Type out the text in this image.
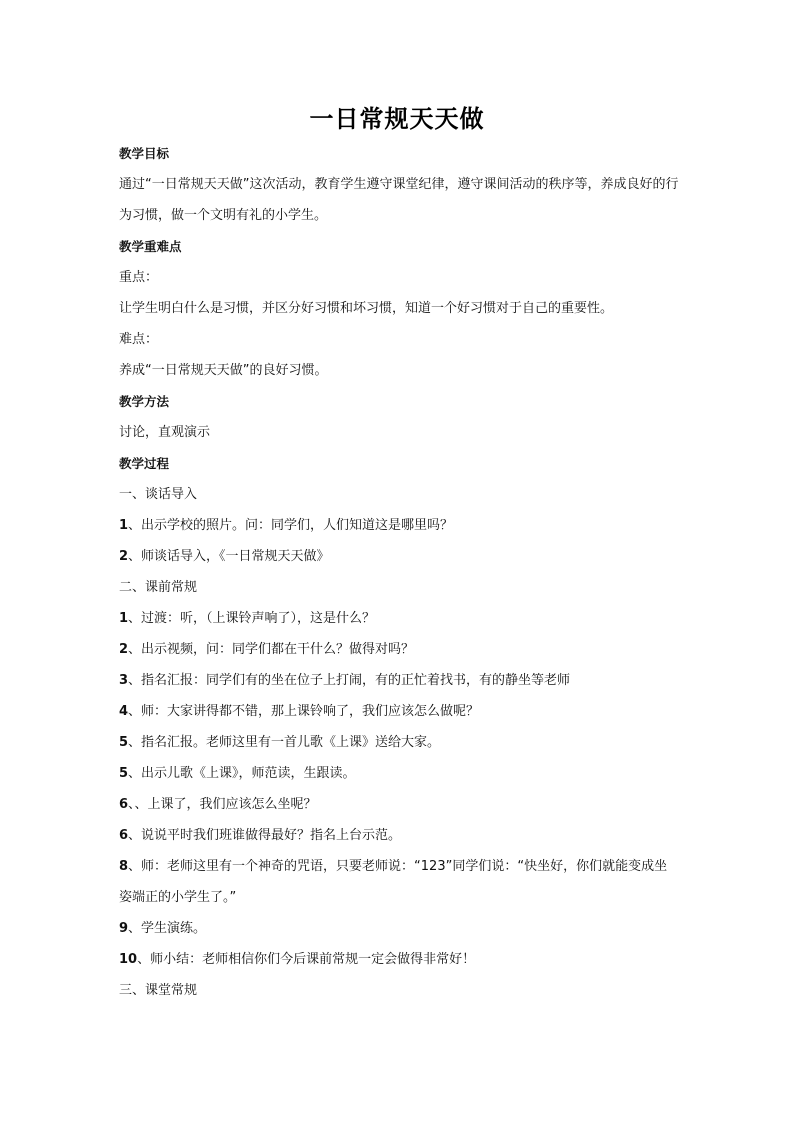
一日常规天天做
教学目标
通过“一日常规天天做”这次活动，教育学生遵守课堂纪律，遵守课间活动的秩序等，养成良好的行为习惯，做一个文明有礼的小学生。
教学重难点
重点：
让学生明白什么是习惯，并区分好习惯和坏习惯，知道一个好习惯对于自己的重要性。
难点：
养成“一日常规天天做”的良好习惯。
教学方法
讨论，直观演示
教学过程
一、谈话导入
1、出示学校的照片。问：同学们，人们知道这是哪里吗？
2、师谈话导入，《一日常规天天做》
二、课前常规
1、过渡：听，（上课铃声响了），这是什么？
2、出示视频，问：同学们都在干什么？做得对吗？
3、指名汇报：同学们有的坐在位子上打闹，有的正忙着找书，有的静坐等老师
4、师：大家讲得都不错，那上课铃响了，我们应该怎么做呢？
5、指名汇报。老师这里有一首儿歌《上课》送给大家。
5、出示儿歌《上课》，师范读，生跟读。
6、、上课了，我们应该怎么坐呢？
6、说说平时我们班谁做得最好？指名上台示范。
8、师：老师这里有一个神奇的咒语，只要老师说：“123”同学们说：“快坐好，你们就能变成坐姿端正的小学生了。”
9、学生演练。
10、师小结：老师相信你们今后课前常规一定会做得非常好！
三、课堂常规
